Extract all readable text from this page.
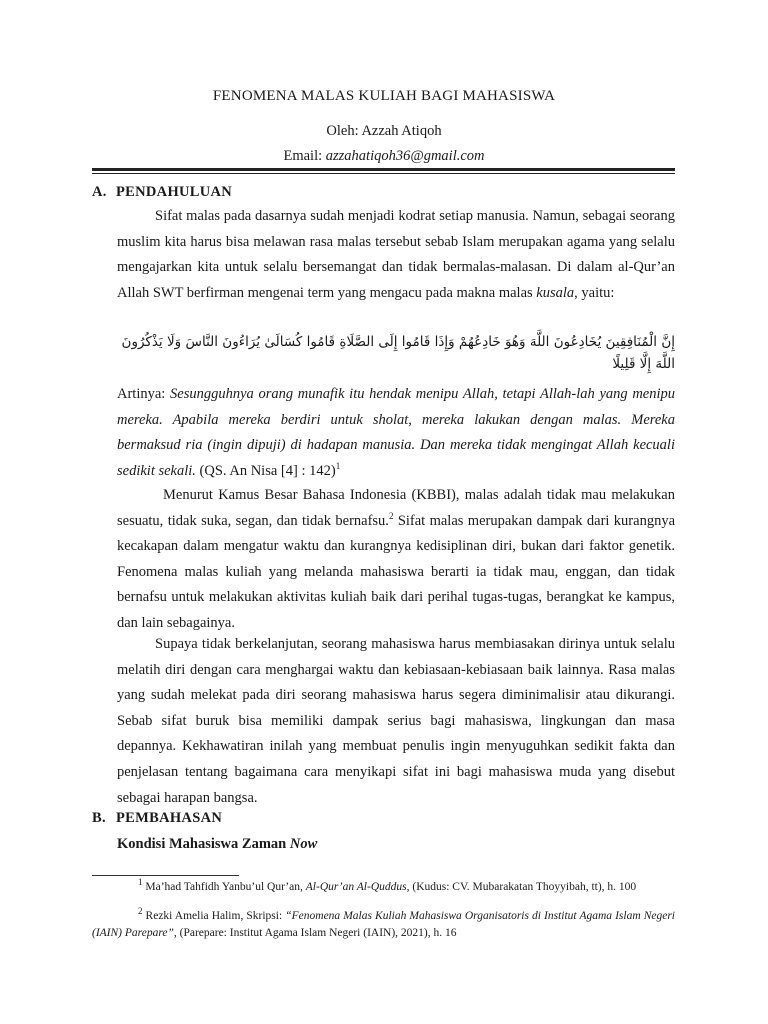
FENOMENA MALAS KULIAH BAGI MAHASISWA
Oleh: Azzah Atiqoh
Email: azzahatiqoh36@gmail.com
A. PENDAHULUAN
Sifat malas pada dasarnya sudah menjadi kodrat setiap manusia. Namun, sebagai seorang muslim kita harus bisa melawan rasa malas tersebut sebab Islam merupakan agama yang selalu mengajarkan kita untuk selalu bersemangat dan tidak bermalas-malasan. Di dalam al-Qur’an Allah SWT berfirman mengenai term yang mengacu pada makna malas kusala, yaitu:
إِنَّ الْمُنَافِقِينَ يُخَادِعُونَ اللَّهَ وَهُوَ خَادِعُهُمْ وَإِذَا قَامُوا إِلَى الصَّلَاةِ قَامُوا كُسَالَىٰ يُرَاءُونَ النَّاسَ وَلَا يَذْكُرُونَ اللَّهَ إِلَّا قَلِيلًا
Artinya: Sesungguhnya orang munafik itu hendak menipu Allah, tetapi Allah-lah yang menipu mereka. Apabila mereka berdiri untuk sholat, mereka lakukan dengan malas. Mereka bermaksud ria (ingin dipuji) di hadapan manusia. Dan mereka tidak mengingat Allah kecuali sedikit sekali. (QS. An Nisa [4] : 142)$^1$
Menurut Kamus Besar Bahasa Indonesia (KBBI), malas adalah tidak mau melakukan sesuatu, tidak suka, segan, dan tidak bernafsu.$^2$ Sifat malas merupakan dampak dari kurangnya kecakapan dalam mengatur waktu dan kurangnya kedisiplinan diri, bukan dari faktor genetik. Fenomena malas kuliah yang melanda mahasiswa berarti ia tidak mau, enggan, dan tidak bernafsu untuk melakukan aktivitas kuliah baik dari perihal tugas-tugas, berangkat ke kampus, dan lain sebagainya.
Supaya tidak berkelanjutan, seorang mahasiswa harus membiasakan dirinya untuk selalu melatih diri dengan cara menghargai waktu dan kebiasaan-kebiasaan baik lainnya. Rasa malas yang sudah melekat pada diri seorang mahasiswa harus segera diminimalisir atau dikurangi. Sebab sifat buruk bisa memiliki dampak serius bagi mahasiswa, lingkungan dan masa depannya. Kekhawatiran inilah yang membuat penulis ingin menyuguhkan sedikit fakta dan penjelasan tentang bagaimana cara menyikapi sifat ini bagi mahasiswa muda yang disebut sebagai harapan bangsa.
B. PEMBAHASAN
Kondisi Mahasiswa Zaman Now
$^1$ Ma’had Tahfidh Yanbu’ul Qur’an, Al-Qur’an Al-Quddus, (Kudus: CV. Mubarakatan Thoyyibah, tt), h. 100
$^2$ Rezki Amelia Halim, Skripsi: “Fenomena Malas Kuliah Mahasiswa Organisatoris di Institut Agama Islam Negeri (IAIN) Parepare”, (Parepare: Institut Agama Islam Negeri (IAIN), 2021), h. 16
